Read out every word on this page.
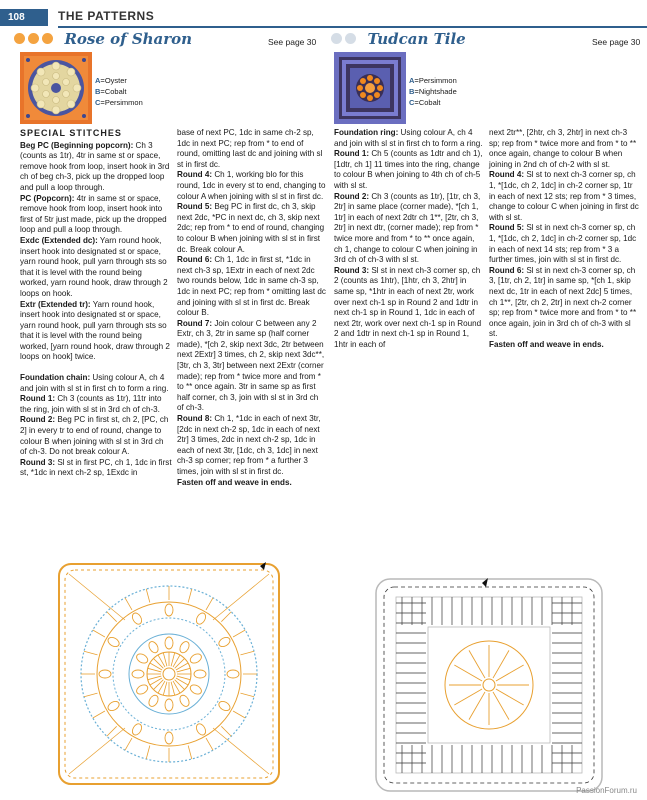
108	THE PATTERNS
Rose of Sharon	See page 30	Tudcan Tile	See page 30
A=Oyster
B=Cobalt
C=Persimmon
A=Persimmon
B=Nightshade
C=Cobalt
SPECIAL STITCHES

Beg PC (Beginning popcorn): Ch 3 (counts as 1tr), 4tr in same st or space, remove hook from loop, insert hook in 3rd ch of beg ch-3, pick up the dropped loop and pull a loop through.

PC (Popcorn): 4tr in same st or space, remove hook from loop, insert hook into first of 5tr just made, pick up the dropped loop and pull a loop through.

Exdc (Extended dc): Yarn round hook, insert hook into designated st or space, yarn round hook, pull yarn through sts so that it is level with the round being worked, yarn round hook, draw through 2 loops on hook.

Extr (Extended tr): Yarn round hook, insert hook into designated st or space, yarn round hook, pull yarn through sts so that it is level with the round being worked, [yarn round hook, draw through 2 loops on hook] twice.

Foundation chain: Using colour A, ch 4 and join with sl st in first ch to form a ring.

Round 1: Ch 3 (counts as 1tr), 11tr into the ring, join with sl st in 3rd ch of ch-3.

Round 2: Beg PC in first st, ch 2, [PC, ch 2] in every tr to end of round, change to colour B when joining with sl st in 3rd ch of ch-3. Do not break colour A.

Round 3: Sl st in first PC, ch 1, 1dc in first st, *1dc in next ch-2 sp, 1Exdc in

base of next PC, 1dc in same ch-2 sp, 1dc in next PC; rep from * to end of round, omitting last dc and joining with sl st in first dc.

Round 4: Ch 1, working blo for this round, 1dc in every st to end, changing to colour A when joining with sl st in first dc.

Round 5: Beg PC in first dc, ch 3, skip next 2dc, *PC in next dc, ch 3, skip next 2dc; rep from * to end of round, changing to colour B when joining with sl st in first dc. Break colour A.

Round 6: Ch 1, 1dc in first st, *1dc in next ch-3 sp, 1Extr in each of next 2dc two rounds below, 1dc in same ch-3 sp, 1dc in next PC; rep from * omitting last dc and joining with sl st in first dc. Break colour B.

Round 7: Join colour C between any 2 Extr, ch 3, 2tr in same sp (half corner made), *[ch 2, skip next 3dc, 2tr between next 2Extr] 3 times, ch 2, skip next 3dc**, [3tr, ch 3, 3tr] between next 2Extr (corner made); rep from * twice more and from * to ** once again. 3tr in same sp as first half corner, ch 3, join with sl st in 3rd ch of ch-3.

Round 8: Ch 1, *1dc in each of next 3tr, [2dc in next ch-2 sp, 1dc in each of next 2tr] 3 times, 2dc in next ch-2 sp, 1dc in each of next 3tr, [1dc, ch 3, 1dc] in next ch-3 sp corner; rep from * a further 3 times, join with sl st in first dc.

Fasten off and weave in ends.

Foundation ring: Using colour A, ch 4 and join with sl st in first ch to form a ring.

Round 1: Ch 5 (counts as 1dtr and ch 1), [1dtr, ch 1] 11 times into the ring, change to colour B when joining to 4th ch of ch-5 with sl st.

Round 2: Ch 3 (counts as 1tr), [1tr, ch 3, 2tr] in same place (corner made), *[ch 1, 1tr] in each of next 2dtr ch 1**, [2tr, ch 3, 2tr] in next dtr, (corner made); rep from * twice more and from * to ** once again, ch 1, change to colour C when joining in 3rd ch of ch-3 with sl st.

Round 3: Sl st in next ch-3 corner sp, ch 2 (counts as 1htr), [1htr, ch 3, 2htr] in same sp, *1htr in each of next 2tr, work over next ch-1 sp in Round 2 and 1dtr in next ch-1 sp in Round 1, 1dc in each of next 2tr, work over next ch-1 sp in Round 2 and 1dtr in next ch-1 sp in Round 1, 1htr in each of

next 2tr**, [2htr, ch 3, 2htr] in next ch-3 sp; rep from * twice more and from * to ** once again, change to colour B when joining in 2nd ch of ch-2 with sl st.

Round 4: Sl st to next ch-3 corner sp, ch 1, *[1dc, ch 2, 1dc] in ch-2 corner sp, 1tr in each of next 12 sts; rep from * 3 times, change to colour C when joining in first dc with sl st.

Round 5: Sl st in next ch-3 corner sp, ch 1, *[1dc, ch 2, 1dc] in ch-2 corner sp, 1dc in each of next 14 sts; rep from * 3 a further times, join with sl st in first dc.

Round 6: Sl st in next ch-3 corner sp, ch 3, [1tr, ch 2, 1tr] in same sp, *[ch 1, skip next dc, 1tr in each of next 2dc] 5 times, ch 1**, [2tr, ch 2, 2tr] in next ch-2 corner sp; rep from * twice more and from * to ** once again, join in 3rd ch of ch-3 with sl st.

Fasten off and weave in ends.

PassionForum.ru
